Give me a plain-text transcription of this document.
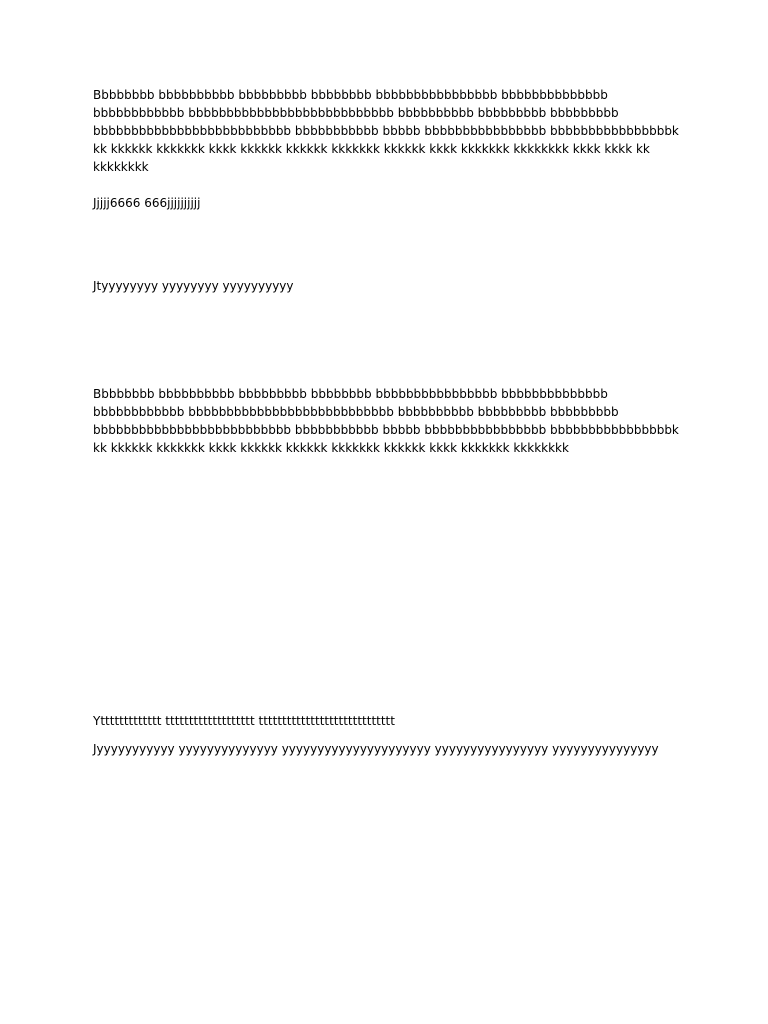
Bbbbbbbb bbbbbbbbbb bbbbbbbbb bbbbbbbb bbbbbbbbbbbbbbbb bbbbbbbbbbbbbb
bbbbbbbbbbbb bbbbbbbbbbbbbbbbbbbbbbbbbbb bbbbbbbbbb bbbbbbbbb bbbbbbbbb
bbbbbbbbbbbbbbbbbbbbbbbbbb bbbbbbbbbbb bbbbb bbbbbbbbbbbbbbbb bbbbbbbbbbbbbbbbk
kk kkkkkk kkkkkkk kkkk kkkkkk kkkkkk kkkkkkk kkkkkk kkkk kkkkkkk kkkkkkkk kkkk kkkk kk kkkkkkkk

Jjjjj6666 666jjjjjjjjjj

Jtyyyyyyyy yyyyyyyy yyyyyyyyyy

Bbbbbbbb bbbbbbbbbb bbbbbbbbb bbbbbbbb bbbbbbbbbbbbbbbb bbbbbbbbbbbbbb
bbbbbbbbbbbb bbbbbbbbbbbbbbbbbbbbbbbbbbb bbbbbbbbbb bbbbbbbbb bbbbbbbbb
bbbbbbbbbbbbbbbbbbbbbbbbbb bbbbbbbbbbb bbbbb bbbbbbbbbbbbbbbb bbbbbbbbbbbbbbbbk
kk kkkkkk kkkkkkk kkkk kkkkkk kkkkkk kkkkkkk kkkkkk kkkk kkkkkkk kkkkkkkk

Yttttttttttttt ttttttttttttttttttt ttttttttttttttttttttttttttttt

Jyyyyyyyyyyy yyyyyyyyyyyyyy yyyyyyyyyyyyyyyyyyyyy yyyyyyyyyyyyyyyy yyyyyyyyyyyyyyy
